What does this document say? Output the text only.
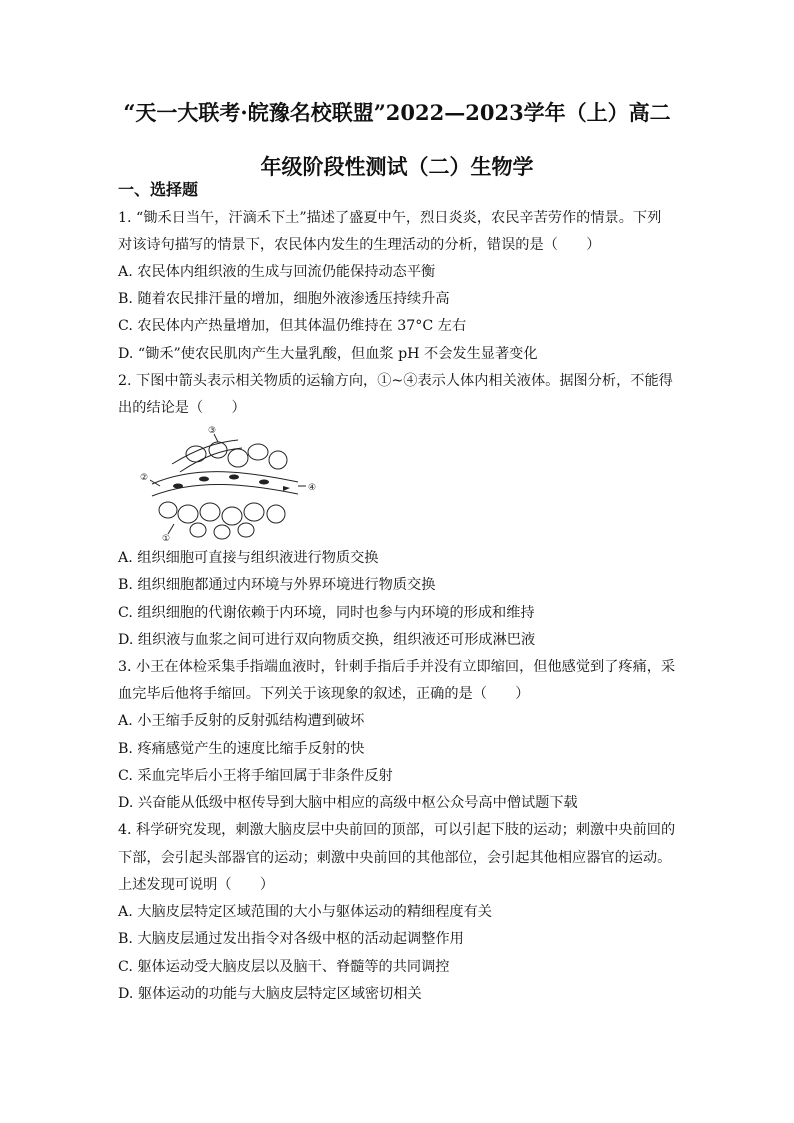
“天一大联考·皖豫名校联盟”2022—2023学年（上）高二
年级阶段性测试（二）生物学
一、选择题
1. “锄禾日当午，汗滴禾下土”描述了盛夏中午，烈日炎炎，农民辛苦劳作的情景。下列
对该诗句描写的情景下，农民体内发生的生理活动的分析，错误的是（　　）
A. 农民体内组织液的生成与回流仍能保持动态平衡
B. 随着农民排汗量的增加，细胞外液渗透压持续升高
C. 农民体内产热量增加，但其体温仍维持在 37°C 左右
D. “锄禾”使农民肌肉产生大量乳酸，但血浆 pH 不会发生显著变化
2. 下图中箭头表示相关物质的运输方向，①~④表示人体内相关液体。据图分析，不能得
出的结论是（　　）
③
②
④
①
A. 组织细胞可直接与组织液进行物质交换
B. 组织细胞都通过内环境与外界环境进行物质交换
C. 组织细胞的代谢依赖于内环境，同时也参与内环境的形成和维持
D. 组织液与血浆之间可进行双向物质交换，组织液还可形成淋巴液
3. 小王在体检采集手指端血液时，针刺手指后手并没有立即缩回，但他感觉到了疼痛，采
血完毕后他将手缩回。下列关于该现象的叙述，正确的是（　　）
A. 小王缩手反射的反射弧结构遭到破坏
B. 疼痛感觉产生的速度比缩手反射的快
C. 采血完毕后小王将手缩回属于非条件反射
D. 兴奋能从低级中枢传导到大脑中相应的高级中枢公众号高中僧试题下载
4. 科学研究发现，刺激大脑皮层中央前回的顶部，可以引起下肢的运动；刺激中央前回的
下部，会引起头部器官的运动；刺激中央前回的其他部位，会引起其他相应器官的运动。
上述发现可说明（　　）
A. 大脑皮层特定区域范围的大小与躯体运动的精细程度有关
B. 大脑皮层通过发出指令对各级中枢的活动起调整作用
C. 躯体运动受大脑皮层以及脑干、脊髓等的共同调控
D. 躯体运动的功能与大脑皮层特定区域密切相关
